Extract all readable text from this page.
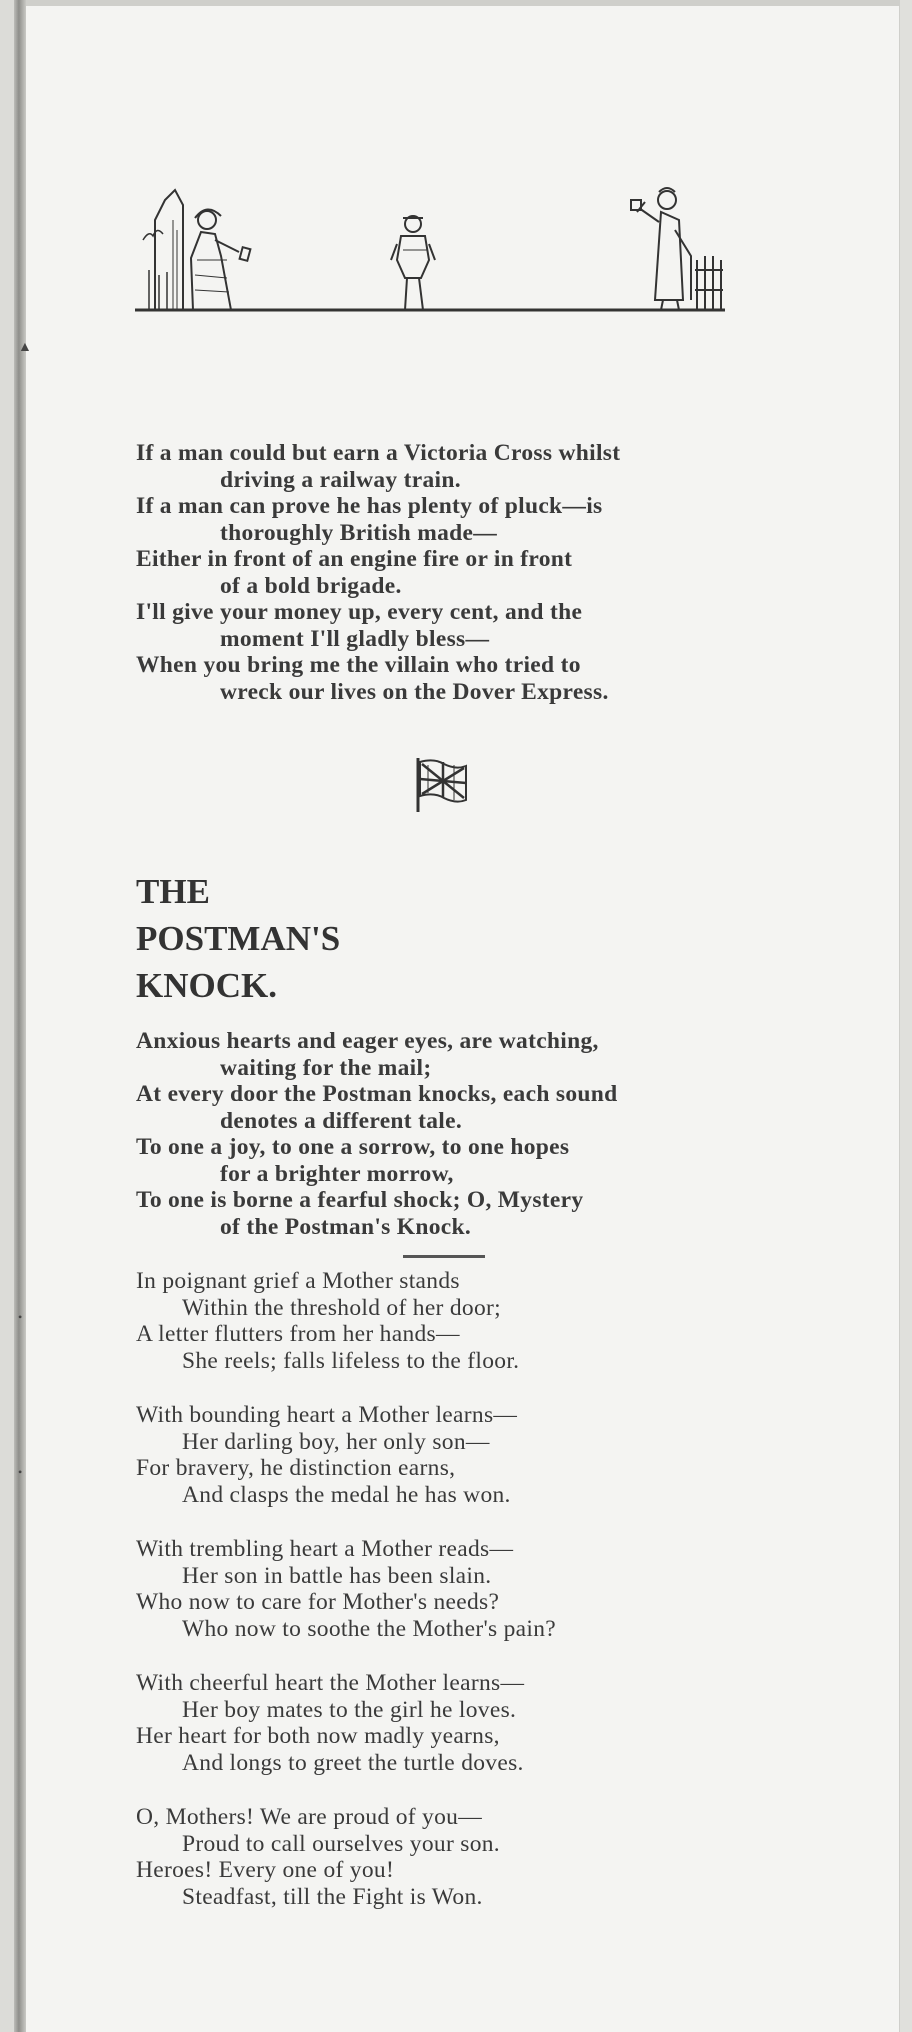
▲
•
•
If a man could but earn a Victoria Cross whilst
driving a railway train.
If a man can prove he has plenty of pluck—is
thoroughly British made—
Either in front of an engine fire or in front
of a bold brigade.
I'll give your money up, every cent, and the
moment I'll gladly bless—
When you bring me the villain who tried to
wreck our lives on the Dover Express.
THE
POSTMAN'S
KNOCK.
Anxious hearts and eager eyes, are watching,
waiting for the mail;
At every door the Postman knocks, each sound
denotes a different tale.
To one a joy, to one a sorrow, to one hopes
for a brighter morrow,
To one is borne a fearful shock; O, Mystery
of the Postman's Knock.
In poignant grief a Mother stands
Within the threshold of her door;
A letter flutters from her hands—
She reels; falls lifeless to the floor.
With bounding heart a Mother learns—
Her darling boy, her only son—
For bravery, he distinction earns,
And clasps the medal he has won.
With trembling heart a Mother reads—
Her son in battle has been slain.
Who now to care for Mother's needs?
Who now to soothe the Mother's pain?
With cheerful heart the Mother learns—
Her boy mates to the girl he loves.
Her heart for both now madly yearns,
And longs to greet the turtle doves.
O, Mothers! We are proud of you—
Proud to call ourselves your son.
Heroes! Every one of you!
Steadfast, till the Fight is Won.
